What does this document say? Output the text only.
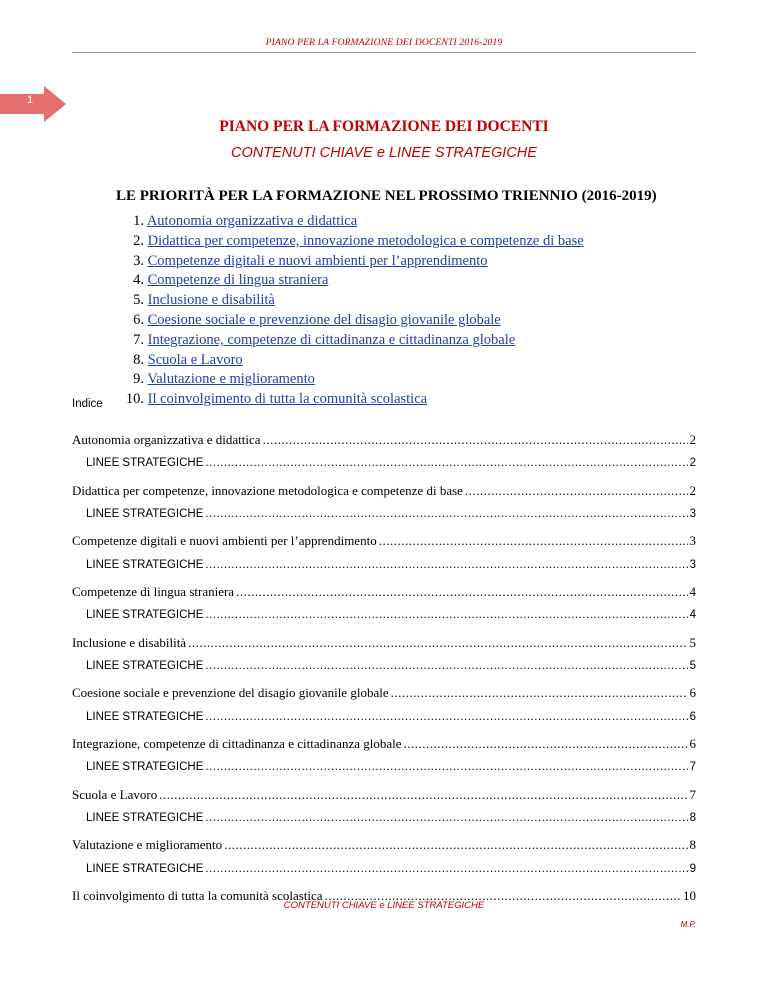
PIANO PER LA FORMAZIONE DEI DOCENTI 2016-2019
1
PIANO PER LA FORMAZIONE DEI DOCENTI
CONTENUTI CHIAVE e LINEE STRATEGICHE
LE PRIORITÀ PER LA FORMAZIONE NEL PROSSIMO TRIENNIO (2016-2019)
1. Autonomia organizzativa e didattica
2. Didattica per competenze, innovazione metodologica e competenze di base
3. Competenze digitali e nuovi ambienti per l’apprendimento
4. Competenze di lingua straniera
5. Inclusione e disabilità
6. Coesione sociale e prevenzione del disagio giovanile globale
7. Integrazione, competenze di cittadinanza e cittadinanza globale
8. Scuola e Lavoro
9. Valutazione e miglioramento
10. Il coinvolgimento di tutta la comunità scolastica
Indice
Autonomia organizzativa e didattica .....	2
LINEE STRATEGICHE .....	2
Didattica per competenze, innovazione metodologica e competenze di base .....	2
LINEE STRATEGICHE .....	3
Competenze digitali e nuovi ambienti per l’apprendimento .....	3
LINEE STRATEGICHE .....	3
Competenze di lingua straniera .....	4
LINEE STRATEGICHE .....	4
Inclusione e disabilità .....	5
LINEE STRATEGICHE .....	5
Coesione sociale e prevenzione del disagio giovanile globale .....	6
LINEE STRATEGICHE .....	6
Integrazione, competenze di cittadinanza e cittadinanza globale .....	6
LINEE STRATEGICHE .....	7
Scuola e Lavoro .....	7
LINEE STRATEGICHE .....	8
Valutazione e miglioramento .....	8
LINEE STRATEGICHE .....	9
Il coinvolgimento di tutta la comunità scolastica .....	10
CONTENUTI CHIAVE e LINEE STRATEGICHE
M.P.
